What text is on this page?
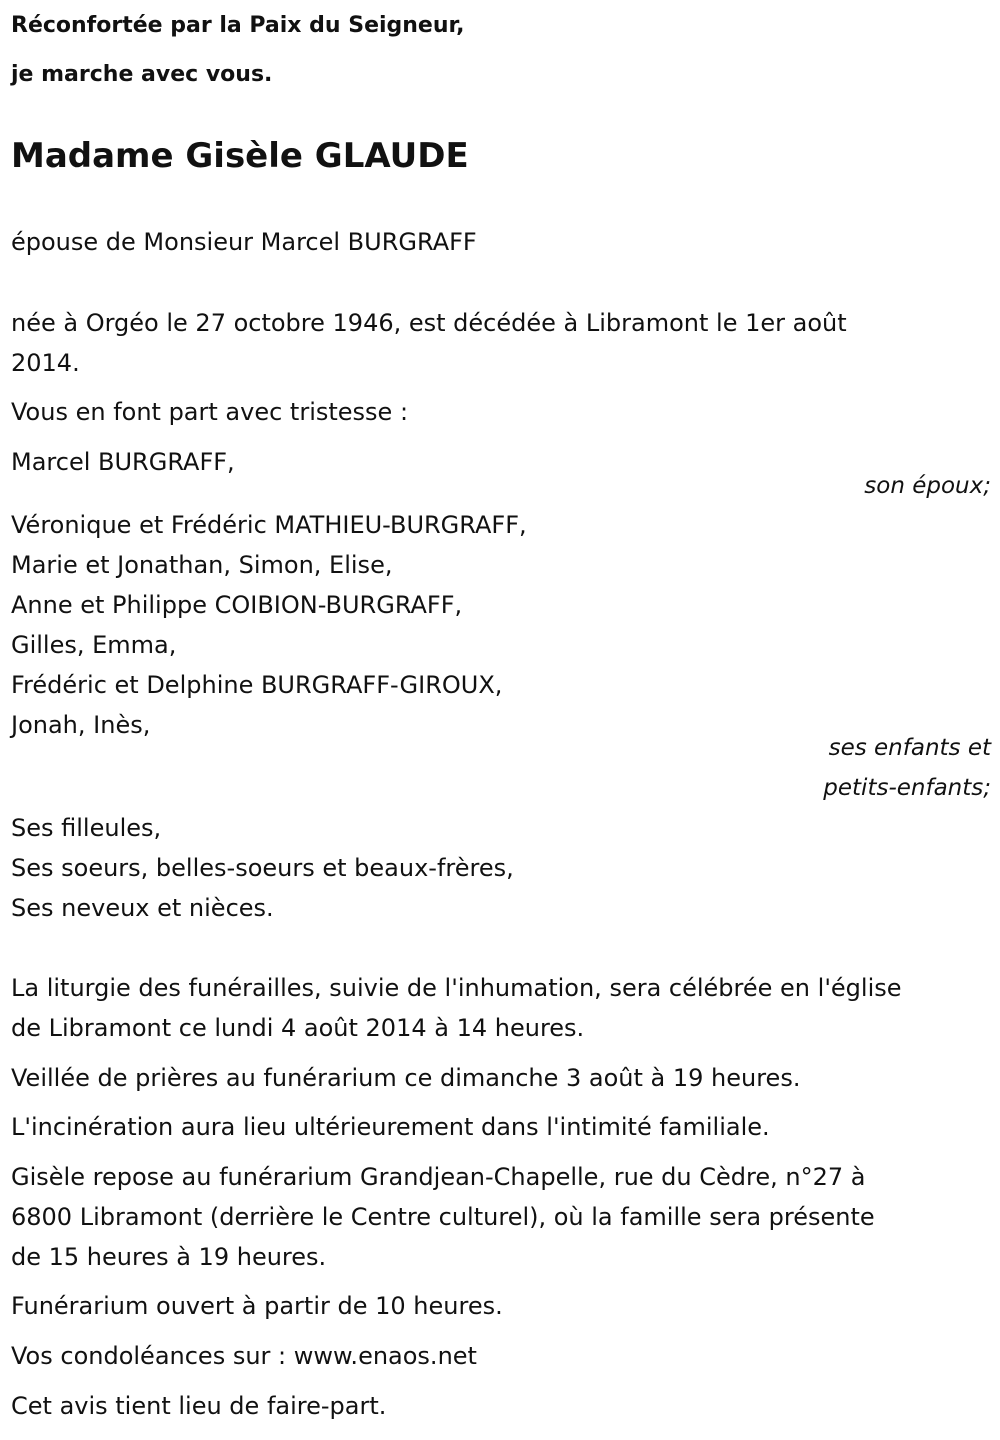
Réconfortée par la Paix du Seigneur,

je marche avec vous.

Madame Gisèle GLAUDE

épouse de Monsieur Marcel BURGRAFF

née à Orgéo le 27 octobre 1946, est décédée à Libramont le 1er août

2014.

Vous en font part avec tristesse :

Marcel BURGRAFF,

son époux;

Véronique et Frédéric MATHIEU-BURGRAFF,

Marie et Jonathan, Simon, Elise,

Anne et Philippe COIBION-BURGRAFF,

Gilles, Emma,

Frédéric et Delphine BURGRAFF-GIROUX,

Jonah, Inès,

ses enfants et

petits-enfants;

Ses filleules,

Ses soeurs, belles-soeurs et beaux-frères,

Ses neveux et nièces.

La liturgie des funérailles, suivie de l'inhumation, sera célébrée en l'église

de Libramont ce lundi 4 août 2014 à 14 heures.

Veillée de prières au funérarium ce dimanche 3 août à 19 heures.

L'incinération aura lieu ultérieurement dans l'intimité familiale.

Gisèle repose au funérarium Grandjean-Chapelle, rue du Cèdre, n°27 à

6800 Libramont (derrière le Centre culturel), où la famille sera présente

de 15 heures à 19 heures.

Funérarium ouvert à partir de 10 heures.

Vos condoléances sur : www.enaos.net

Cet avis tient lieu de faire-part.
